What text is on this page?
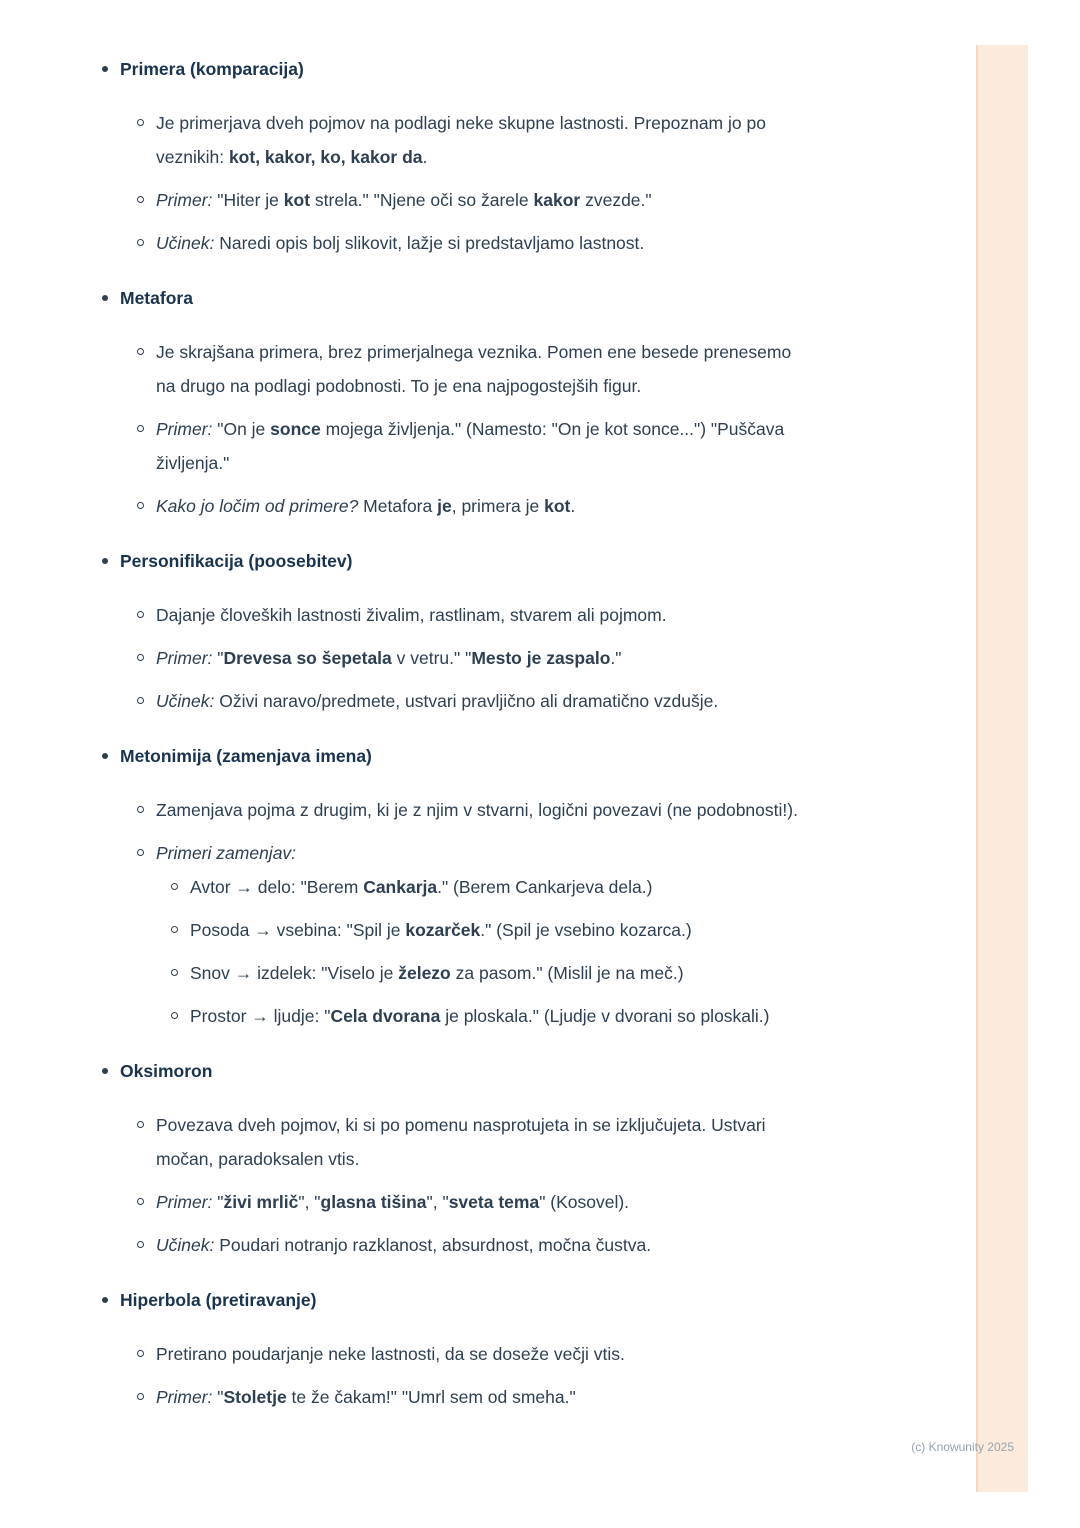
Primera (komparacija)
Je primerjava dveh pojmov na podlagi neke skupne lastnosti. Prepoznam jo po veznikih: kot, kakor, ko, kakor da.
Primer: "Hiter je kot strela." "Njene oči so žarele kakor zvezde."
Učinek: Naredi opis bolj slikovit, lažje si predstavljamo lastnost.
Metafora
Je skrajšana primera, brez primerjalnega veznika. Pomen ene besede prenesemo na drugo na podlagi podobnosti. To je ena najpogostejših figur.
Primer: "On je sonce mojega življenja." (Namesto: "On je kot sonce...") "Puščava življenja."
Kako jo ločim od primere? Metafora je, primera je kot.
Personifikacija (poosebitev)
Dajanje človeških lastnosti živalim, rastlinam, stvarem ali pojmom.
Primer: "Drevesa so šepetala v vetru." "Mesto je zaspalo."
Učinek: Oživi naravo/predmete, ustvari pravljično ali dramatično vzdušje.
Metonimija (zamenjava imena)
Zamenjava pojma z drugim, ki je z njim v stvarni, logični povezavi (ne podobnosti!).
Primeri zamenjav:
Avtor → delo: "Berem Cankarja." (Berem Cankarjeva dela.)
Posoda → vsebina: "Spil je kozarček." (Spil je vsebino kozarca.)
Snov → izdelek: "Viselo je železo za pasom." (Mislil je na meč.)
Prostor → ljudje: "Cela dvorana je ploskala." (Ljudje v dvorani so ploskali.)
Oksimoron
Povezava dveh pojmov, ki si po pomenu nasprotujeta in se izključujeta. Ustvari močan, paradoksalen vtis.
Primer: "živi mrlič", "glasna tišina", "sveta tema" (Kosovel).
Učinek: Poudari notranjo razklanost, absurdnost, močna čustva.
Hiperbola (pretiravanje)
Pretirano poudarjanje neke lastnosti, da se doseže večji vtis.
Primer: "Stoletje te že čakam!" "Umrl sem od smeha."
(c) Knowunity 2025
